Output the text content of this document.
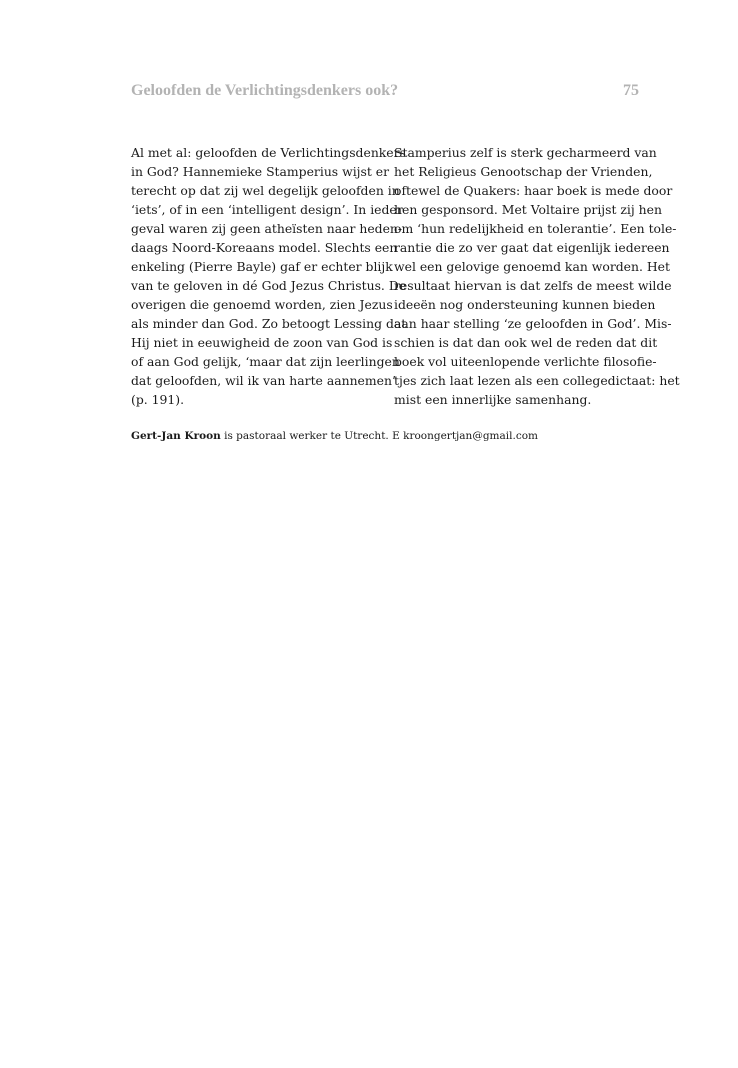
Geloofden de Verlichtingsdenkers ook?	75
Al met al: geloofden de Verlichtingsdenkers
in God? Hannemieke Stamperius wijst er
terecht op dat zij wel degelijk geloofden in
‘iets’, of in een ‘intelligent design’. In ieder
geval waren zij geen atheïsten naar heden-
daags Noord-Koreaans model. Slechts een
enkeling (Pierre Bayle) gaf er echter blijk
van te geloven in dé God Jezus Christus. De
overigen die genoemd worden, zien Jezus
als minder dan God. Zo betoogt Lessing dat
Hij niet in eeuwigheid de zoon van God is
of aan God gelijk, ‘maar dat zijn leerlingen
dat geloofden, wil ik van harte aannemen’
(p. 191).
Stamperius zelf is sterk gecharmeerd van
het Religieus Genootschap der Vrienden,
oftewel de Quakers: haar boek is mede door
hen gesponsord. Met Voltaire prijst zij hen
om ‘hun redelijkheid en tolerantie’. Een tole-
rantie die zo ver gaat dat eigenlijk iedereen
wel een gelovige genoemd kan worden. Het
resultaat hiervan is dat zelfs de meest wilde
ideeën nog ondersteuning kunnen bieden
aan haar stelling ‘ze geloofden in God’. Mis-
schien is dat dan ook wel de reden dat dit
boek vol uiteenlopende verlichte filosofie-
tjes zich laat lezen als een collegedictaat: het
mist een innerlijke samenhang.
Gert-Jan Kroon is pastoraal werker te Utrecht. E kroongertjan@gmail.com
